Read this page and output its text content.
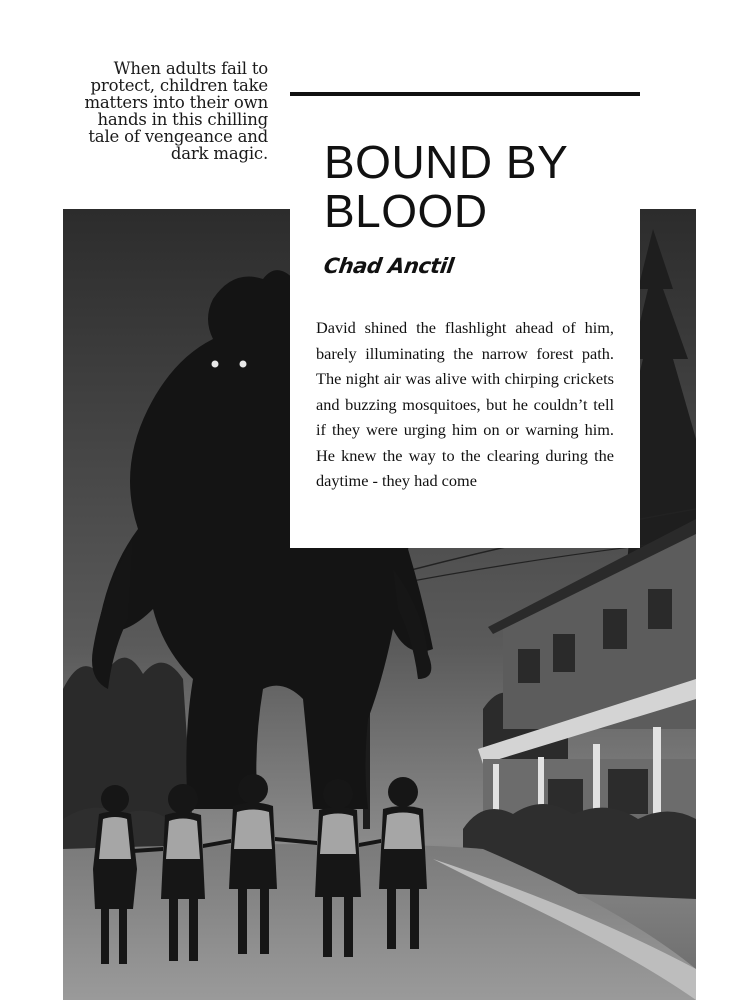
When adults fail to protect, children take matters into their own hands in this chilling tale of vengeance and dark magic. BOUND BY
BLOOD
Chad Anctil

David shined the flashlight ahead of him, barely illuminating the narrow forest path. The night air was alive with chirping crickets and buzzing mosquitoes, but he couldn’t tell if they were urging him on or warning him. He knew the way to the clearing during the daytime - they had come
